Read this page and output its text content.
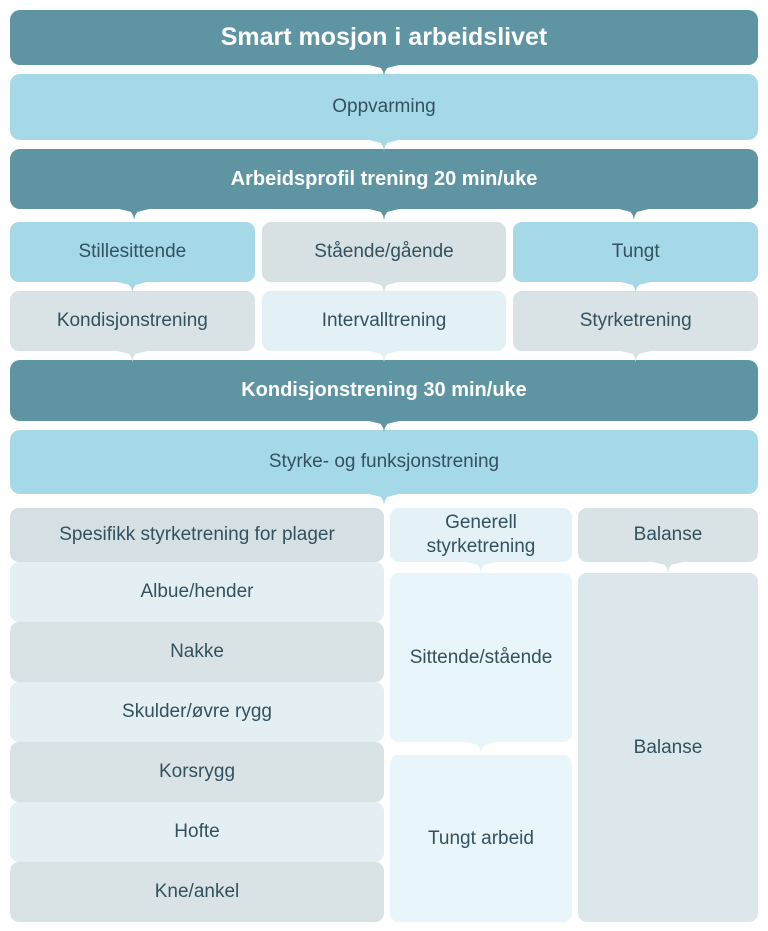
Smart mosjon i arbeidslivet
Oppvarming
Arbeidsprofil trening 20 min/uke
Stillesittende	Stående/gående	Tungt
Kondisjonstrening	Intervalltrening	Styrketrening
Kondisjonstrening 30 min/uke
Styrke- og funksjonstrening
Spesifikk styrketrening for plager
Albue/hender
Nakke
Skulder/øvre rygg
Korsrygg
Hofte
Kne/ankel
Generell styrketrening
Sittende/stående
Tungt arbeid
Balanse
Balanse
